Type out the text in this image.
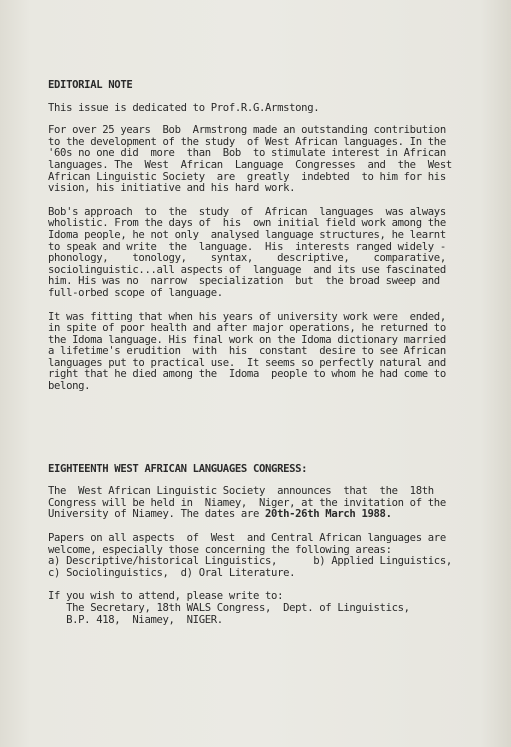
EDITORIAL NOTE

This issue is dedicated to Prof.R.G.Armstong.

For over 25 years  Bob  Armstrong made an outstanding contribution

to the development of the study  of West African languages. In the

'60s no one did  more  than  Bob  to stimulate interest in African

languages. The  West  African  Language  Congresses  and  the  West

African Linguistic Society  are  greatly  indebted  to him for his

vision, his initiative and his hard work.

Bob's approach  to  the  study  of  African  languages  was always

wholistic. From the days of  his  own initial field work among the

Idoma people, he not only  analysed language structures, he learnt

to speak and write  the  language.  His  interests ranged widely -

phonology,    tonology,    syntax,    descriptive,    comparative,

sociolinguistic...all aspects of  language  and its use fascinated

him. His was no  narrow  specialization  but  the broad sweep and

full-orbed scope of language.

It was fitting that when his years of university work were  ended,

in spite of poor health and after major operations, he returned to

the Idoma language. His final work on the Idoma dictionary married

a lifetime's erudition  with  his  constant  desire to see African

languages put to practical use.  It seems so perfectly natural and

right that he died among the  Idoma  people to whom he had come to

belong.

EIGHTEENTH WEST AFRICAN LANGUAGES CONGRESS:

The  West African Linguistic Society  announces  that  the  18th

Congress will be held in  Niamey,  Niger, at the invitation of the

University of Niamey. The dates are 20th-26th March 1988.

Papers on all aspects  of  West  and Central African languages are

welcome, especially those concerning the following areas:

a) Descriptive/historical Linguistics,      b) Applied Linguistics,

c) Sociolinguistics,  d) Oral Literature.

If you wish to attend, please write to:

The Secretary, 18th WALS Congress,  Dept. of Linguistics,

B.P. 418,  Niamey,  NIGER.
